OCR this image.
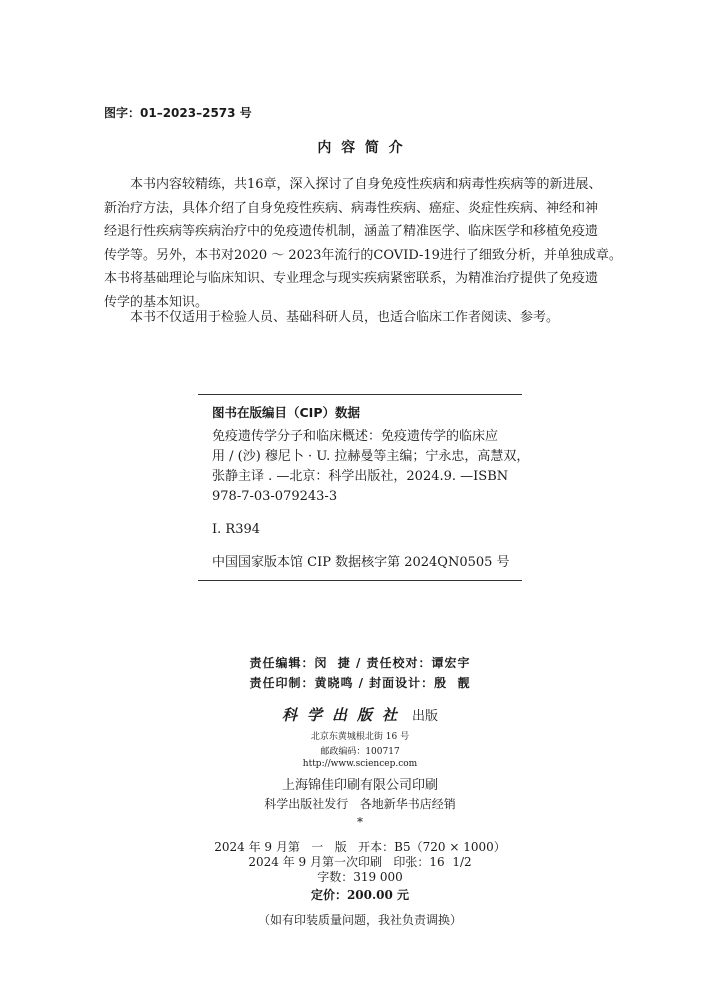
图字：01–2023–2573 号
内  容  简  介
本书内容较精练，共16章，深入探讨了自身免疫性疾病和病毒性疾病等的新进展、
新治疗方法，具体介绍了自身免疫性疾病、病毒性疾病、癌症、炎症性疾病、神经和神
经退行性疾病等疾病治疗中的免疫遗传机制，涵盖了精准医学、临床医学和移植免疫遗
传学等。另外，本书对2020 ～ 2023年流行的COVID-19进行了细致分析，并单独成章。
本书将基础理论与临床知识、专业理念与现实疾病紧密联系，为精准治疗提供了免疫遗
传学的基本知识。
本书不仅适用于检验人员、基础科研人员，也适合临床工作者阅读、参考。
图书在版编目（CIP）数据
免疫遗传学分子和临床概述：免疫遗传学的临床应
用 / (沙) 穆尼卜 · U. 拉赫曼等主编；宁永忠，高慧双，
张静主译 . —北京：科学出版社，2024.9. —ISBN
978-7-03-079243-3
Ⅰ. R394
中国国家版本馆 CIP 数据核字第 2024QN0505 号
责任编辑：闵  捷 / 责任校对：谭宏宇
责任印制：黄晓鸣 / 封面设计：殷  靓
科学出版社 出版
北京东黄城根北街 16 号
邮政编码：100717
http://www.sciencep.com
上海锦佳印刷有限公司印刷
科学出版社发行   各地新华书店经销
*
2024 年 9 月第   一   版   开本：B5（720 × 1000）
2024 年 9 月第一次印刷   印张：16  1/2
字数：319 000
定价：200.00 元
（如有印装质量问题，我社负责调换）
